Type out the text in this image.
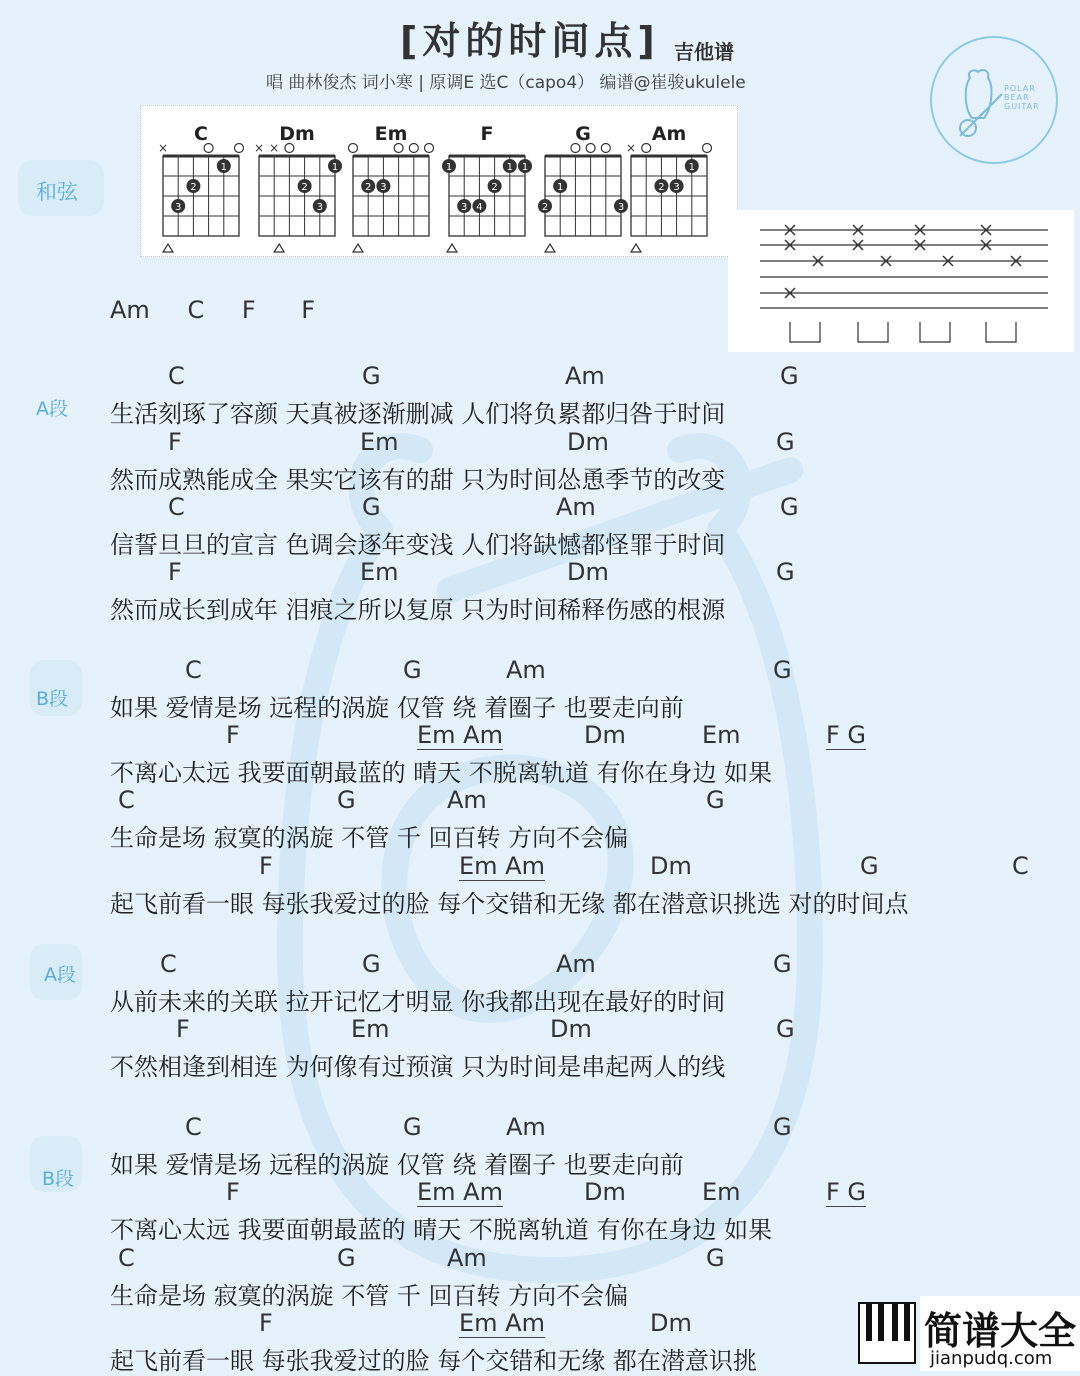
[对的时间点] 吉他谱
唱 曲林俊杰 词小寒 | 原调E 选C（capo4） 编谱@崔骏ukulele	POLAR
BEAR
GUITAR
和弦
C
3
2
1
×
Dm
2
3
1
× ×
Em
2 3
F
1
3 4
2
1 1
G
2
1
3
Am
2 3
1
×
Am C F F
A段
B段
A段
B段
C	G	Am	G
生活刻琢了容颜 天真被逐渐删减 人们将负累都归咎于时间
F	Em	Dm	G
然而成熟能成全 果实它该有的甜 只为时间怂恿季节的改变
C	G	Am	G
信誓旦旦的宣言 色调会逐年变浅 人们将缺憾都怪罪于时间
F	Em	Dm	G
然而成长到成年 泪痕之所以复原 只为时间稀释伤感的根源
C	G	Am	G
如果 爱情是场 远程的涡旋 仅管 绕 着圈子 也要走向前
F	Em Am	Dm	Em	F G
不离心太远 我要面朝最蓝的 晴天 不脱离轨道 有你在身边 如果
C	G	Am	G
生命是场 寂寞的涡旋 不管 千 回百转 方向不会偏
F	Em Am	Dm	G	C
起飞前看一眼 每张我爱过的脸 每个交错和无缘 都在潜意识挑选 对的时间点
C	G	Am	G
从前未来的关联 拉开记忆才明显 你我都出现在最好的时间
F	Em	Dm	G
不然相逢到相连 为何像有过预演 只为时间是串起两人的线
C	G	Am	G
如果 爱情是场 远程的涡旋 仅管 绕 着圈子 也要走向前
F	Em Am	Dm	Em	F G
不离心太远 我要面朝最蓝的 晴天 不脱离轨道 有你在身边 如果
C	G	Am	G
生命是场 寂寞的涡旋 不管 千 回百转 方向不会偏
F	Em Am	Dm
起飞前看一眼 每张我爱过的脸 每个交错和无缘 都在潜意识挑
简谱大全
jianpudq.com
